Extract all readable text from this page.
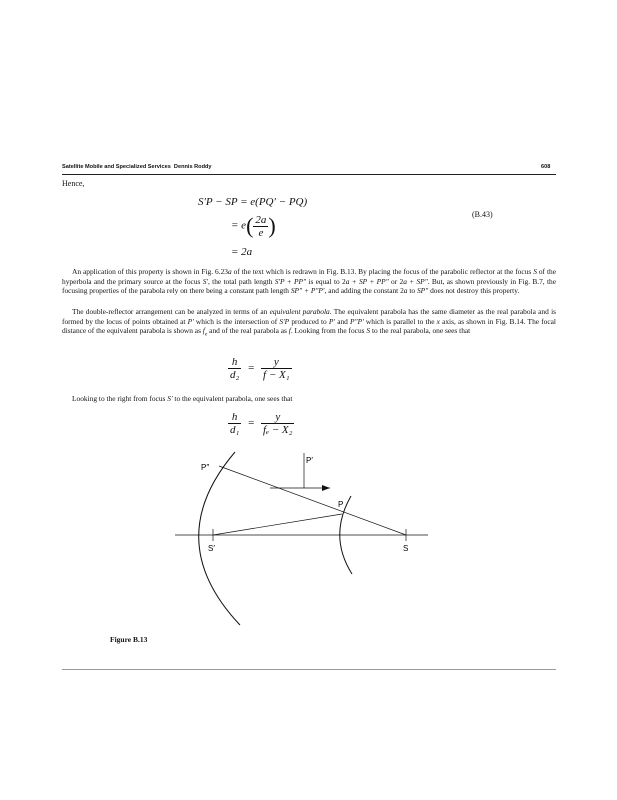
Satellite Mobile and Specialized Services Dennis Roddy	608
Hence,
S′P − SP = e(PQ′ − PQ)
= $e( \frac{2a}{e}$ )
= 2a
(B.43)

An application of this property is shown in Fig. 6.23a of the text which is redrawn in Fig. B.13. By placing the focus of the parabolic reflector at the focus S of the hyperbola and the primary source at the focus S′, the total path length S′P + PP″ is equal to 2a + SP + PP″ or 2a + SP″. But, as shown previously in Fig. B.7, the focusing properties of the parabola rely on there being a constant path length SP″ + P″P′, and adding the constant 2a to SP″ does not destroy this property.

The double-reflector arrangement can be analyzed in terms of an equivalent parabola. The equivalent parabola has the same diameter as the real parabola and is formed by the locus of points obtained at P′ which is the intersection of S′P produced to P′ and P″P′ which is parallel to the x axis, as shown in Fig. B.14. The focal distance of the equivalent parabola is shown as $f_e$ and of the real parabola as f. Looking from the focus S to the real parabola, one sees that

$\frac{h}{\text{d₂}} = \frac{y}{\text{f − X₁}}$

Looking to the right from focus S′ to the equivalent parabola, one sees that

$\frac{h}{\text{d₁}} = \frac{y}{\text{fₑ − X₂}}$
P″
P′
P
S′	S
Figure B.13
